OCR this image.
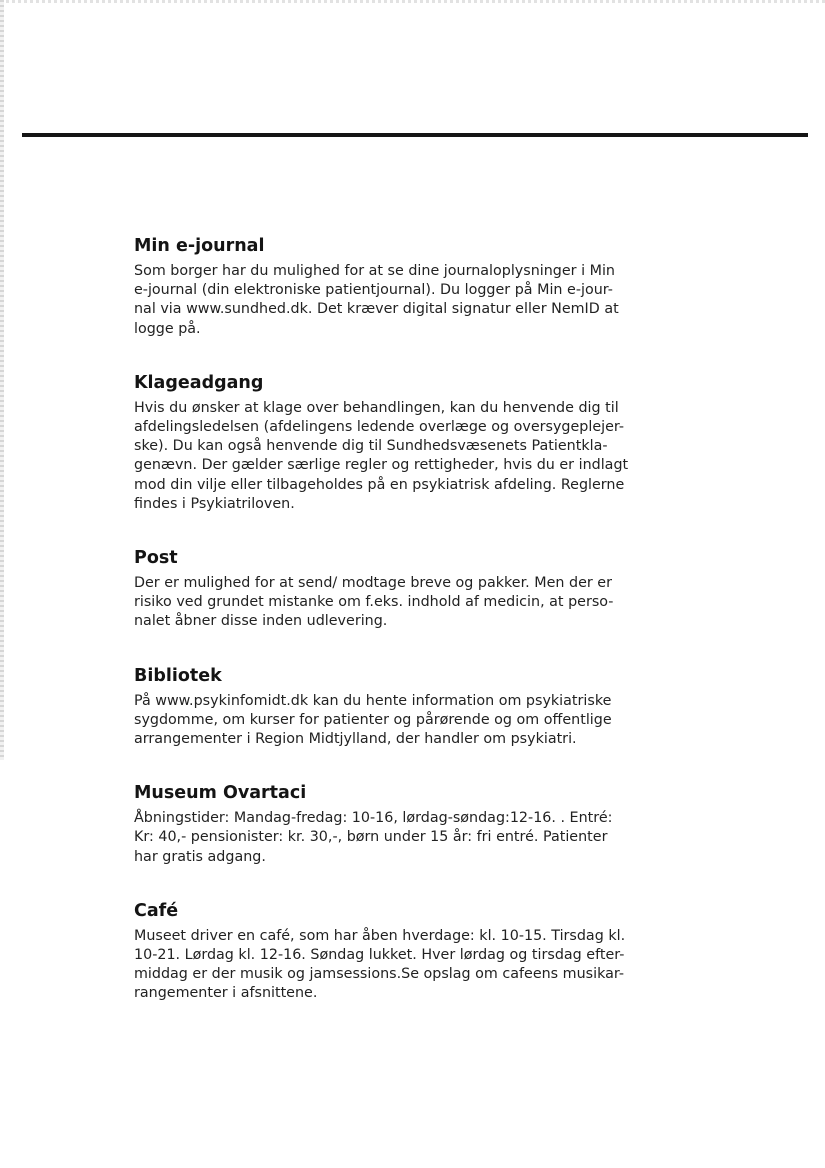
Min e-journal

Som borger har du mulighed for at se dine journaloplysninger i Min
e-journal (din elektroniske patientjournal). Du logger på Min e-jour-
nal via www.sundhed.dk. Det kræver digital signatur eller NemID at
logge på.

Klageadgang

Hvis du ønsker at klage over behandlingen, kan du henvende dig til
afdelingsledelsen (afdelingens ledende overlæge og oversygeplejer-
ske). Du kan også henvende dig til Sundhedsvæsenets Patientkla-
genævn. Der gælder særlige regler og rettigheder, hvis du er indlagt
mod din vilje eller tilbageholdes på en psykiatrisk afdeling. Reglerne
findes i Psykiatriloven.

Post

Der er mulighed for at send/ modtage breve og pakker. Men der er
risiko ved grundet mistanke om f.eks. indhold af medicin, at perso-
nalet åbner disse inden udlevering.

Bibliotek

På www.psykinfomidt.dk kan du hente information om psykiatriske
sygdomme, om kurser for patienter og pårørende og om offentlige
arrangementer i Region Midtjylland, der handler om psykiatri.

Museum Ovartaci

Åbningstider: Mandag-fredag: 10-16, lørdag-søndag:12-16. . Entré:
Kr: 40,- pensionister: kr. 30,-, børn under 15 år: fri entré. Patienter
har gratis adgang.

Café

Museet driver en café, som har åben hverdage: kl. 10-15. Tirsdag kl.
10-21. Lørdag kl. 12-16. Søndag lukket. Hver lørdag og tirsdag efter-
middag er der musik og jamsessions.Se opslag om cafeens musikar-
rangementer i afsnittene.
